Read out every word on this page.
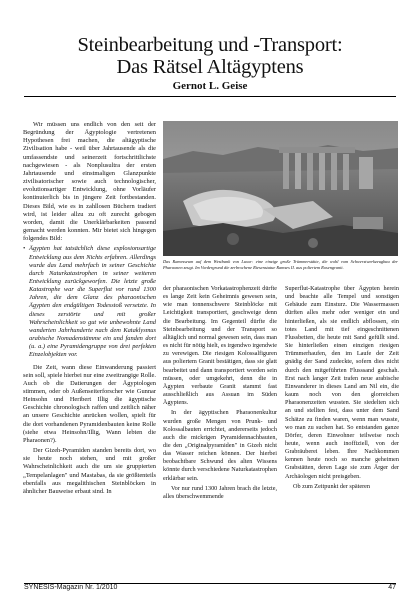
Steinbearbeitung und -Transport:
Das Rätsel Altägyptens
Gernot L. Geise

Wir müssen uns endlich von den seit der Begründung der Ägyptologie vertretenen Hypothesen frei machen, die altägyptische Zivilisation habe - weil über Jahrtausende als die umfassendste und seinerzeit fortschrittlichste nachgewiesen - als Nonplusultra der ersten Jahrtausende und einstmaligen Glanzpunkte zivilisatorischer sowie auch technologischer, evolutionsartiger Entwicklung, ohne Vorläufer kontinuierlich bis in jüngere Zeit fortbestanden. Dieses Bild, wie es in zahllosen Büchern tradiert wird, ist leider allzu zu oft zurecht gebogen worden, damit die Unerklärbarkeiten passend gemacht werden konnten. Mir bietet sich hingegen folgendes Bild:

• Ägypten hat tatsächlich diese explosionsartige Entwicklung aus dem Nichts erfahren. Allerdings wurde das Land mehrfach in seiner Geschichte durch Naturkatastrophen in seiner weiteren Entwicklung zurückgeworfen. Die letzte große Katastrophe war die Superflut vor rund 1300 Jahren, die dem Glanz des pharaonischen Ägypten den endgültigen Todesstoß versetzte. In dieses zerstörte und mit großer Wahrscheinlichkeit so gut wie unbewohnte Land wanderten Jahrhunderte nach dem Kataklysmus arabische Nomadenstämme ein und fanden dort (u. a.) eine Pyramidengruppe von drei perfekten Einzelobjekten vor.

Die Zeit, wann diese Einwanderung passiert sein soll, spiele hierbei nur eine zweitrangige Rolle. Auch ob die Datierungen der Ägyptologen stimmen, oder ob Außenseiterforscher wie Gunnar Heinsohn und Heribert Illig die ägyptische Geschichte chronologisch raffen und zeitlich näher an unsere Geschichte anrücken wollen, spielt für die dort vorhandenen Pyramidenbauten keine Rolle (siehe etwa Heinsohn/Illig, Wann lebten die Pharaonen?).

Der Gizeh-Pyramiden standen bereits dort, wo sie heute noch stehen, und mit großer Wahrscheinlichkeit auch die um sie gruppierten „Tempelanlagen" und Mastabas, da sie größtenteils ebenfalls aus megalithischen Steinblöcken in ähnlicher Bauweise erbaut sind. In

Das Ramesseum auf dem Westbank von Luxor: eine einzige große Trümmerstätte, die wohl vom Schwerstwerkzeugbau der Pharaonen zeugt. Im Vordergrund die zerbrochene Riesenstatue Ramses II. aus poliertem Rosengranit.

der pharaonischen Vorkatastrophenzeit dürfte es lange Zeit kein Geheimnis gewesen sein, wie man tonnenschwere Steinblöcke mit Leichtigkeit transportiert, geschweige denn die Bearbeitung. Im Gegenteil dürfte die Steinbearbeitung und der Transport so alltäglich und normal gewesen sein, dass man es nicht für nötig hielt, es irgendwo irgendwie zu verewigen. Die riesigen Kolossalfiguren aus poliertem Granit bestätigen, dass sie glatt bearbeitet und dann transportiert worden sein müssen, oder umgekehrt, denn die in Ägypten verbaute Granit stammt fast ausschließlich aus Assuan im Süden Ägyptens.

In der ägyptischen Pharaonenkultur wurden große Mengen von Prunk- und Kolossalbauten errichtet, andererseits jedoch auch die mickrigen Pyramidennachbauten, die den „Originalpyramiden" in Gizeh nicht das Wasser reichen können. Der hierbei beobachtbare Schwund des alten Wissens könnte durch verschiedene Naturkatastrophen erklärbar sein.

Vor nur rund 1300 Jahren brach die letzte, alles überschwemmende

Superflut-Katastrophe über Ägypten herein und beachte alle Tempel und sonstigen Gebäude zum Einsturz. Die Wassermassen dürften alles mehr oder weniger ein und hinterließen, als sie endlich abflossen, ein totes Land mit tief eingeschnittenen Flussbetten, die heute mit Sand gefüllt sind. Sie hinterließen einen einzigen riesigen Trümmerhaufen, den im Laufe der Zeit gnädig der Sand zudeckte, sofern dies nicht durch den mitgeführten Flusssand geschah. Erst nach langer Zeit trafen neue arabische Einwanderer in dieses Land am Nil ein, die kaum noch von den glorreichen Pharaonenzeiten wussten. Sie siedelten sich an und stellten fest, dass unter dem Sand Schätze zu finden waren, wenn man wusste, wo man zu suchen hat. So entstanden ganze Dörfer, deren Einwohner teilweise noch heute, wenn auch inoffiziell, von der Grabräuberei leben. Ihre Nachkommen kennen heute noch so manche geheimen Grabstätten, deren Lage sie zum Ärger der Archäologen nicht preisgeben.

Ob zum Zeitpunkt der späteren

SYNESIS-Magazin Nr. 1/2010	47
